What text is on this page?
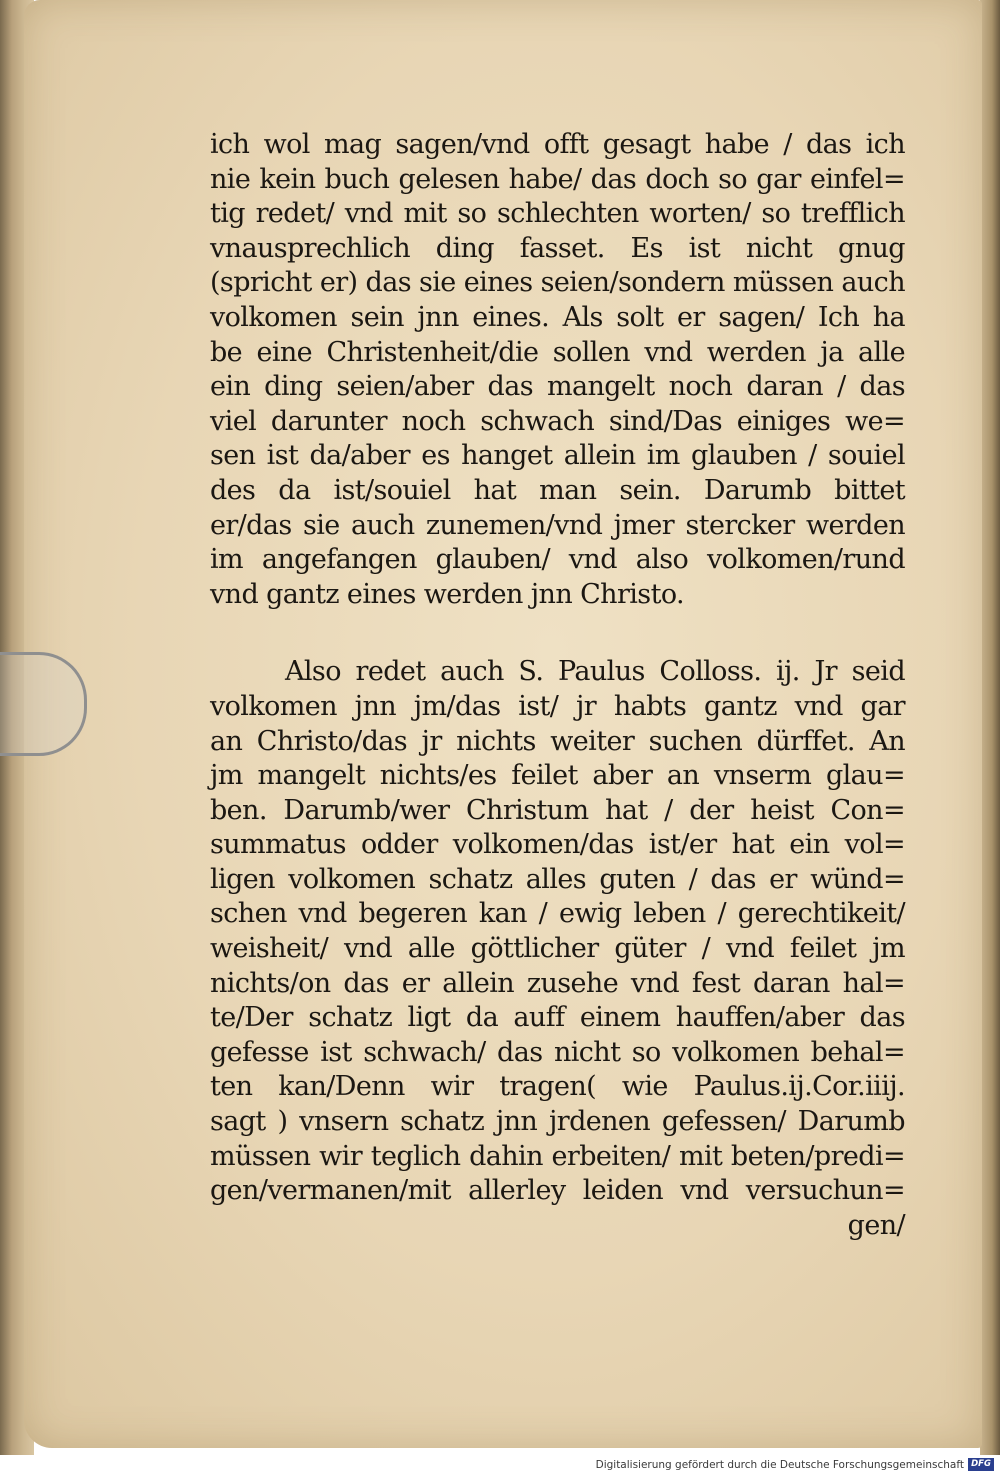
ich wol mag sagen/vnd offt gesagt habe / das ich
nie kein buch gelesen habe/ das doch so gar einfel=
tig redet/ vnd mit so schlechten worten/ so trefflich
vnausprechlich ding fasset. Es ist nicht gnug
(spricht er) das sie eines seien/sondern müssen auch
volkomen sein jnn eines. Als solt er sagen/ Ich ha
be eine Christenheit/die sollen vnd werden ja alle
ein ding seien/aber das mangelt noch daran / das
viel darunter noch schwach sind/Das einiges we=
sen ist da/aber es hanget allein im glauben / souiel
des da ist/souiel hat man sein. Darumb bittet
er/das sie auch zunemen/vnd jmer stercker werden
im angefangen glauben/ vnd also volkomen/rund
vnd gantz eines werden jnn Christo.
Also redet auch S. Paulus Colloss. ij. Jr seid
volkomen jnn jm/das ist/ jr habts gantz vnd gar
an Christo/das jr nichts weiter suchen dürffet. An
jm mangelt nichts/es feilet aber an vnserm glau=
ben. Darumb/wer Christum hat / der heist Con=
summatus odder volkomen/das ist/er hat ein vol=
ligen volkomen schatz alles guten / das er wünd=
schen vnd begeren kan / ewig leben / gerechtikeit/
weisheit/ vnd alle göttlicher güter / vnd feilet jm
nichts/on das er allein zusehe vnd fest daran hal=
te/Der schatz ligt da auff einem hauffen/aber das
gefesse ist schwach/ das nicht so volkomen behal=
ten kan/Denn wir tragen( wie Paulus.ij.Cor.iiij.
sagt ) vnsern schatz jnn jrdenen gefessen/ Darumb
müssen wir teglich dahin erbeiten/ mit beten/predi=
gen/vermanen/mit allerley leiden vnd versuchun=
gen/
Digitalisierung gefördert durch die Deutsche Forschungsgemeinschaft DFG
